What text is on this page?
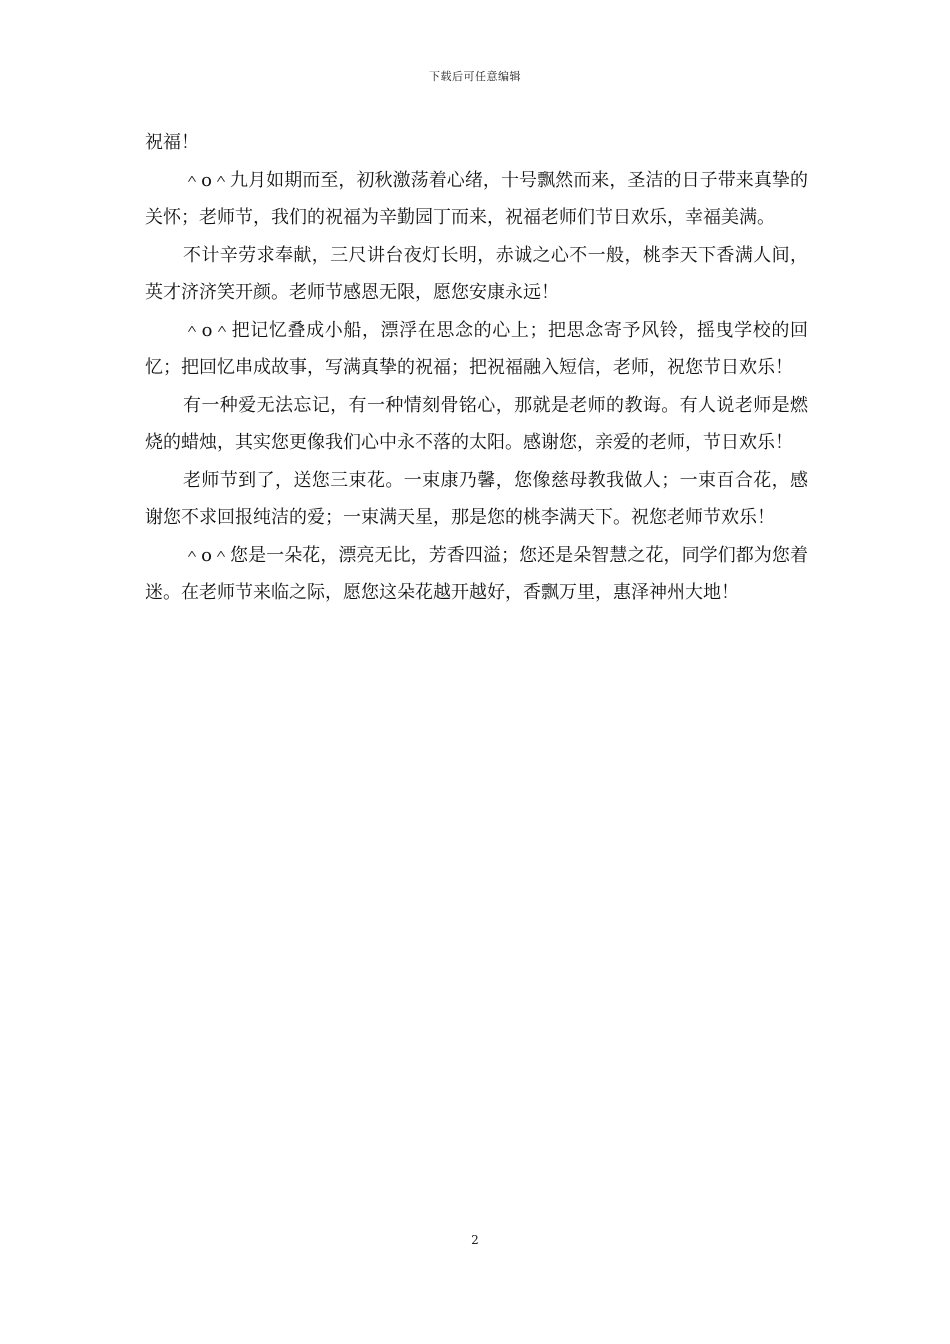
下载后可任意编辑

祝福！

＾o＾九月如期而至，初秋激荡着心绪，十号飘然而来，圣洁的日子带来真挚的关怀；老师节，我们的祝福为辛勤园丁而来，祝福老师们节日欢乐，幸福美满。

不计辛劳求奉献，三尺讲台夜灯长明，赤诚之心不一般，桃李天下香满人间，英才济济笑开颜。老师节感恩无限，愿您安康永远！

＾o＾把记忆叠成小船，漂浮在思念的心上；把思念寄予风铃，摇曳学校的回忆；把回忆串成故事，写满真挚的祝福；把祝福融入短信，老师，祝您节日欢乐！

有一种爱无法忘记，有一种情刻骨铭心，那就是老师的教诲。有人说老师是燃烧的蜡烛，其实您更像我们心中永不落的太阳。感谢您，亲爱的老师，节日欢乐！

老师节到了，送您三束花。一束康乃馨，您像慈母教我做人；一束百合花，感谢您不求回报纯洁的爱；一束满天星，那是您的桃李满天下。祝您老师节欢乐！

＾o＾您是一朵花，漂亮无比，芳香四溢；您还是朵智慧之花，同学们都为您着迷。在老师节来临之际，愿您这朵花越开越好，香飘万里，惠泽神州大地！

2
